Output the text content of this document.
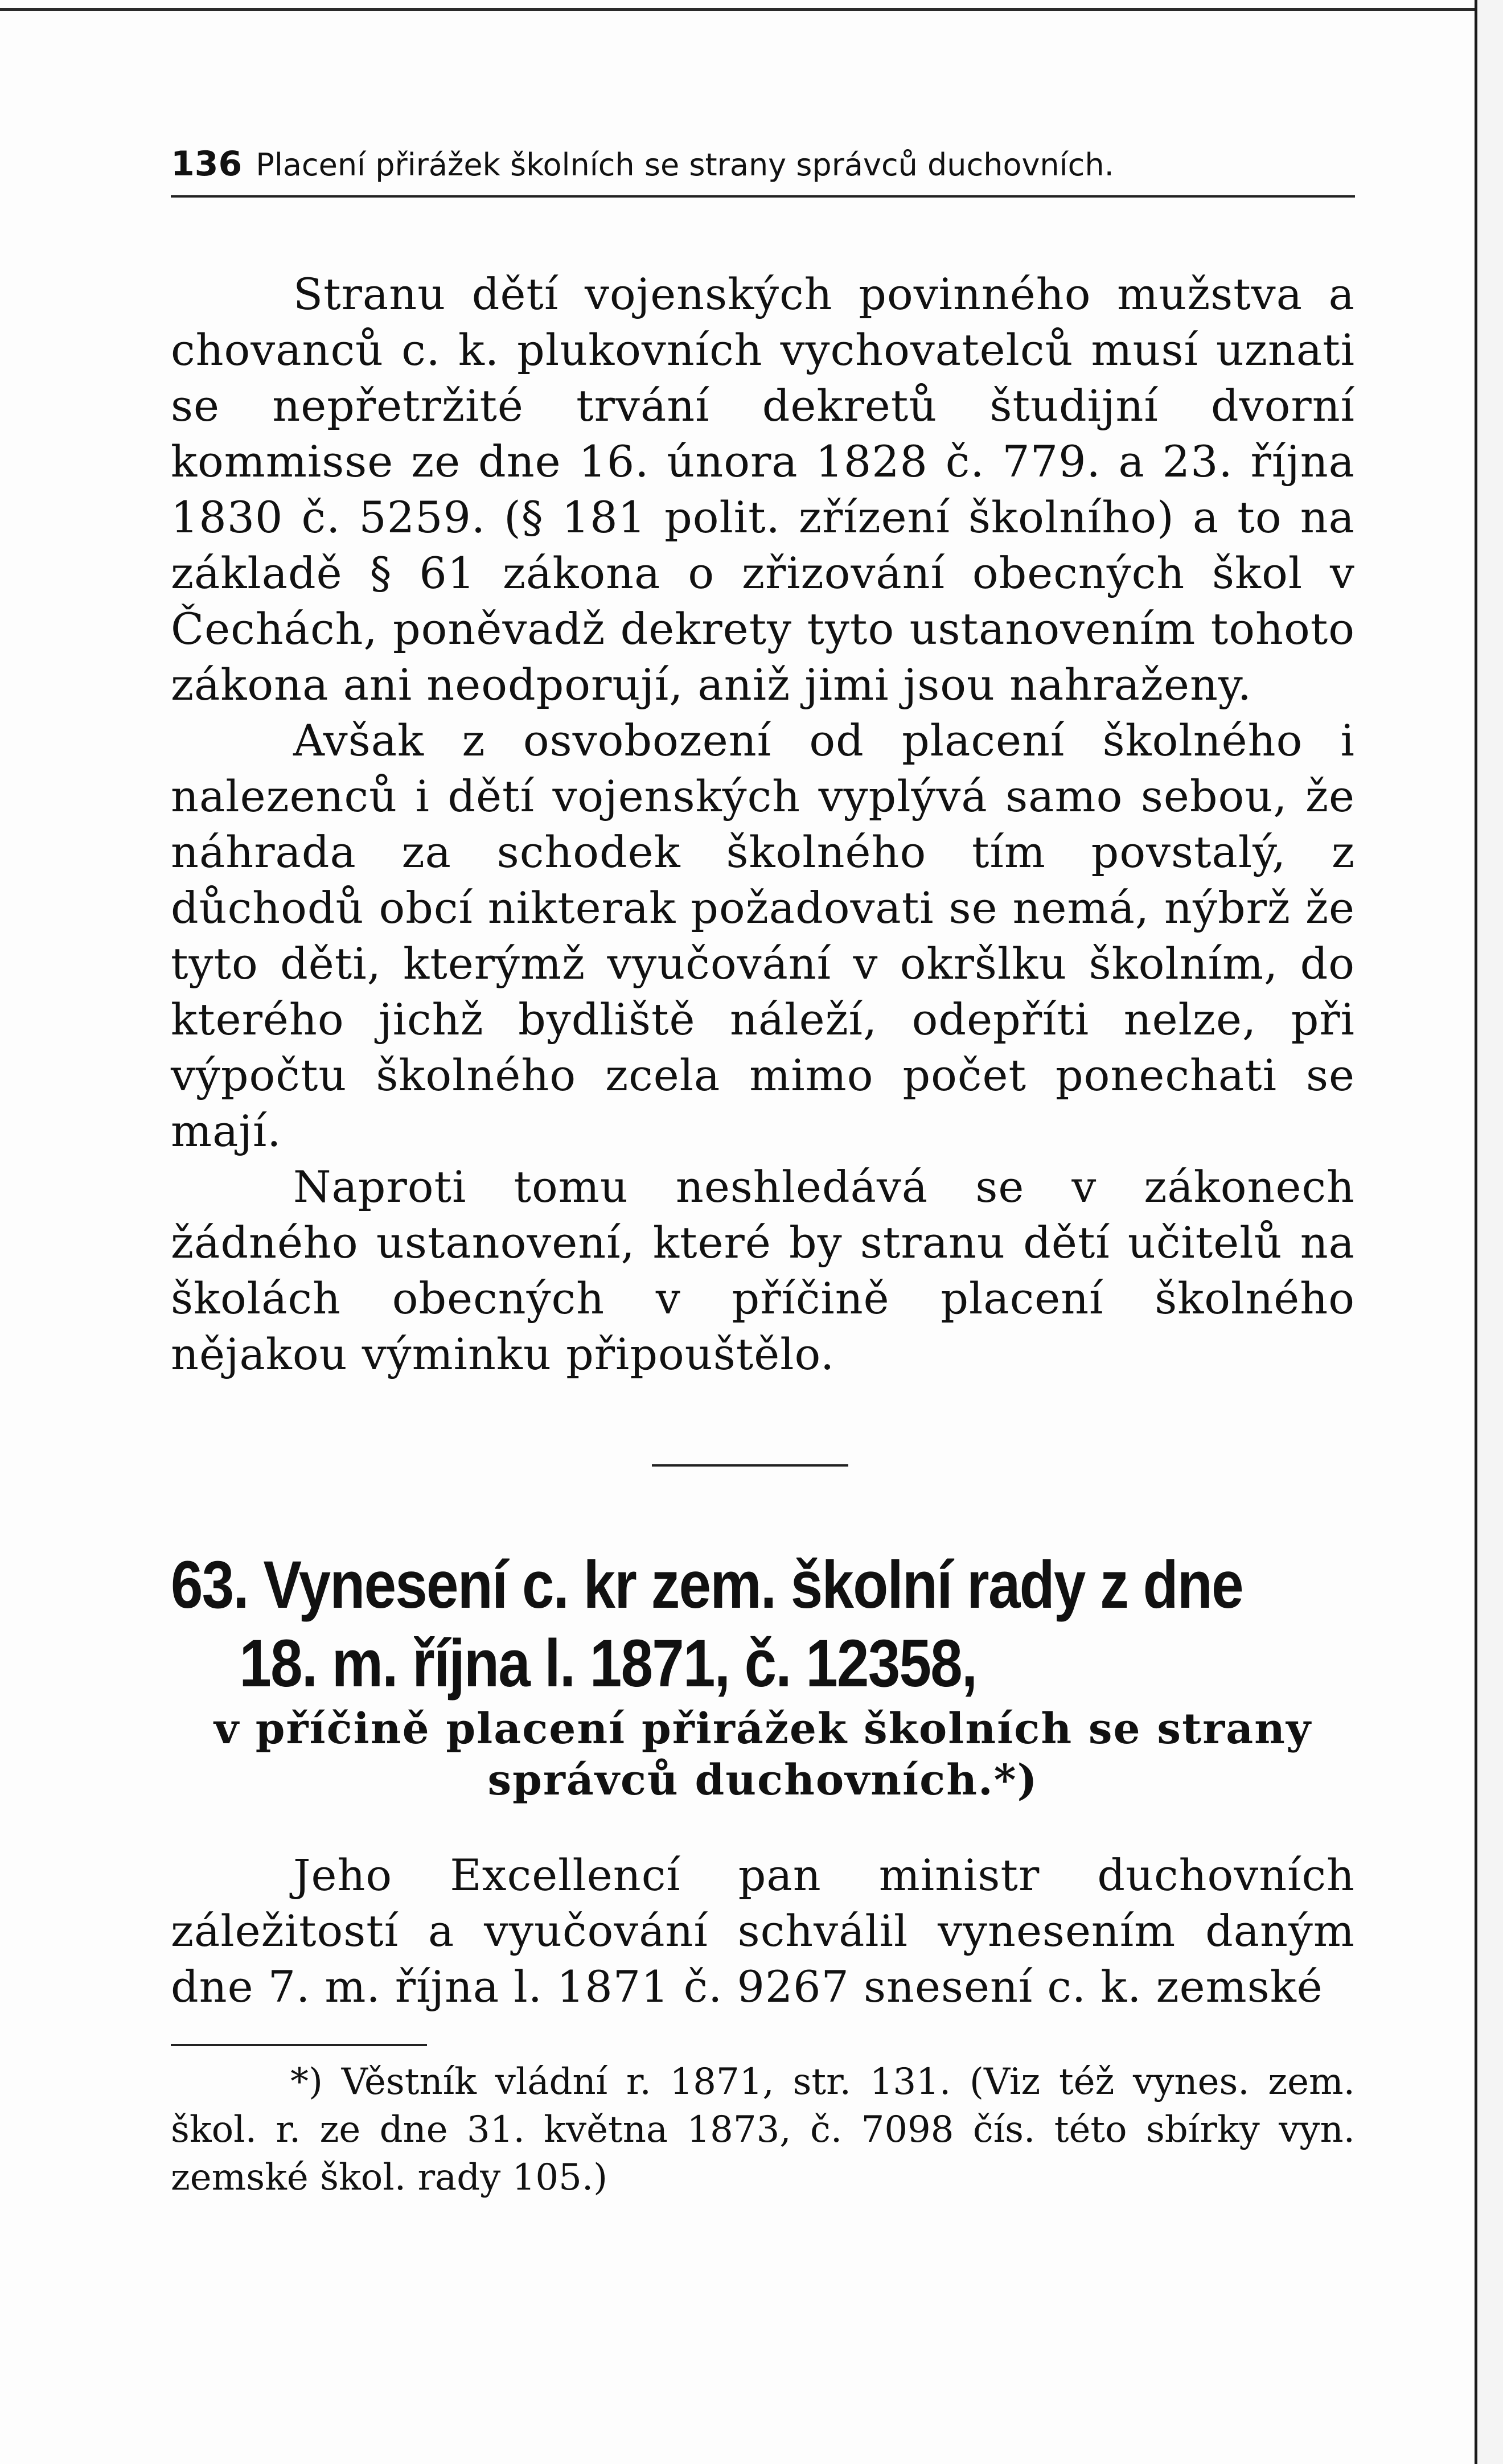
136 Placení přirážek školních se strany správců duchovních.

Stranu dětí vojenských povinného mužstva a chovanců c. k. plukovních vychovatelců musí uznati se nepřetržité trvání dekretů študijní dvorní kommisse ze dne 16. února 1828 č. 779. a 23. října 1830 č. 5259. (§ 181 polit. zřízení školního) a to na základě § 61 zákona o zřizování obecných škol v Čechách, poněvadž dekrety tyto ustanovením tohoto zákona ani neodporují, aniž jimi jsou nahraženy.

Avšak z osvobození od placení školného i nalezenců i dětí vojenských vyplývá samo sebou, že náhrada za schodek školného tím povstalý, z důchodů obcí nikterak požadovati se nemá, nýbrž že tyto děti, kterýmž vyučování v okršlku školním, do kterého jichž bydliště náleží, odepříti nelze, při výpočtu školného zcela mimo počet ponechati se mají.

Naproti tomu neshledává se v zákonech žádného ustanovení, které by stranu dětí učitelů na školách obecných v příčině placení školného nějakou výminku připouštělo.

63. Vynesení c. kr zem. školní rady z dne
18. m. října l. 1871, č. 12358,
v příčině placení přirážek školních se strany správců duchovních.*)

Jeho Excellencí pan ministr duchovních záležitostí a vyučování schválil vynesením daným dne 7. m. října l. 1871 č. 9267 snesení c. k. zemské

*) Věstník vládní r. 1871, str. 131. (Viz též vynes. zem. škol. r. ze dne 31. května 1873, č. 7098 čís. této sbírky vyn. zemské škol. rady 105.)
